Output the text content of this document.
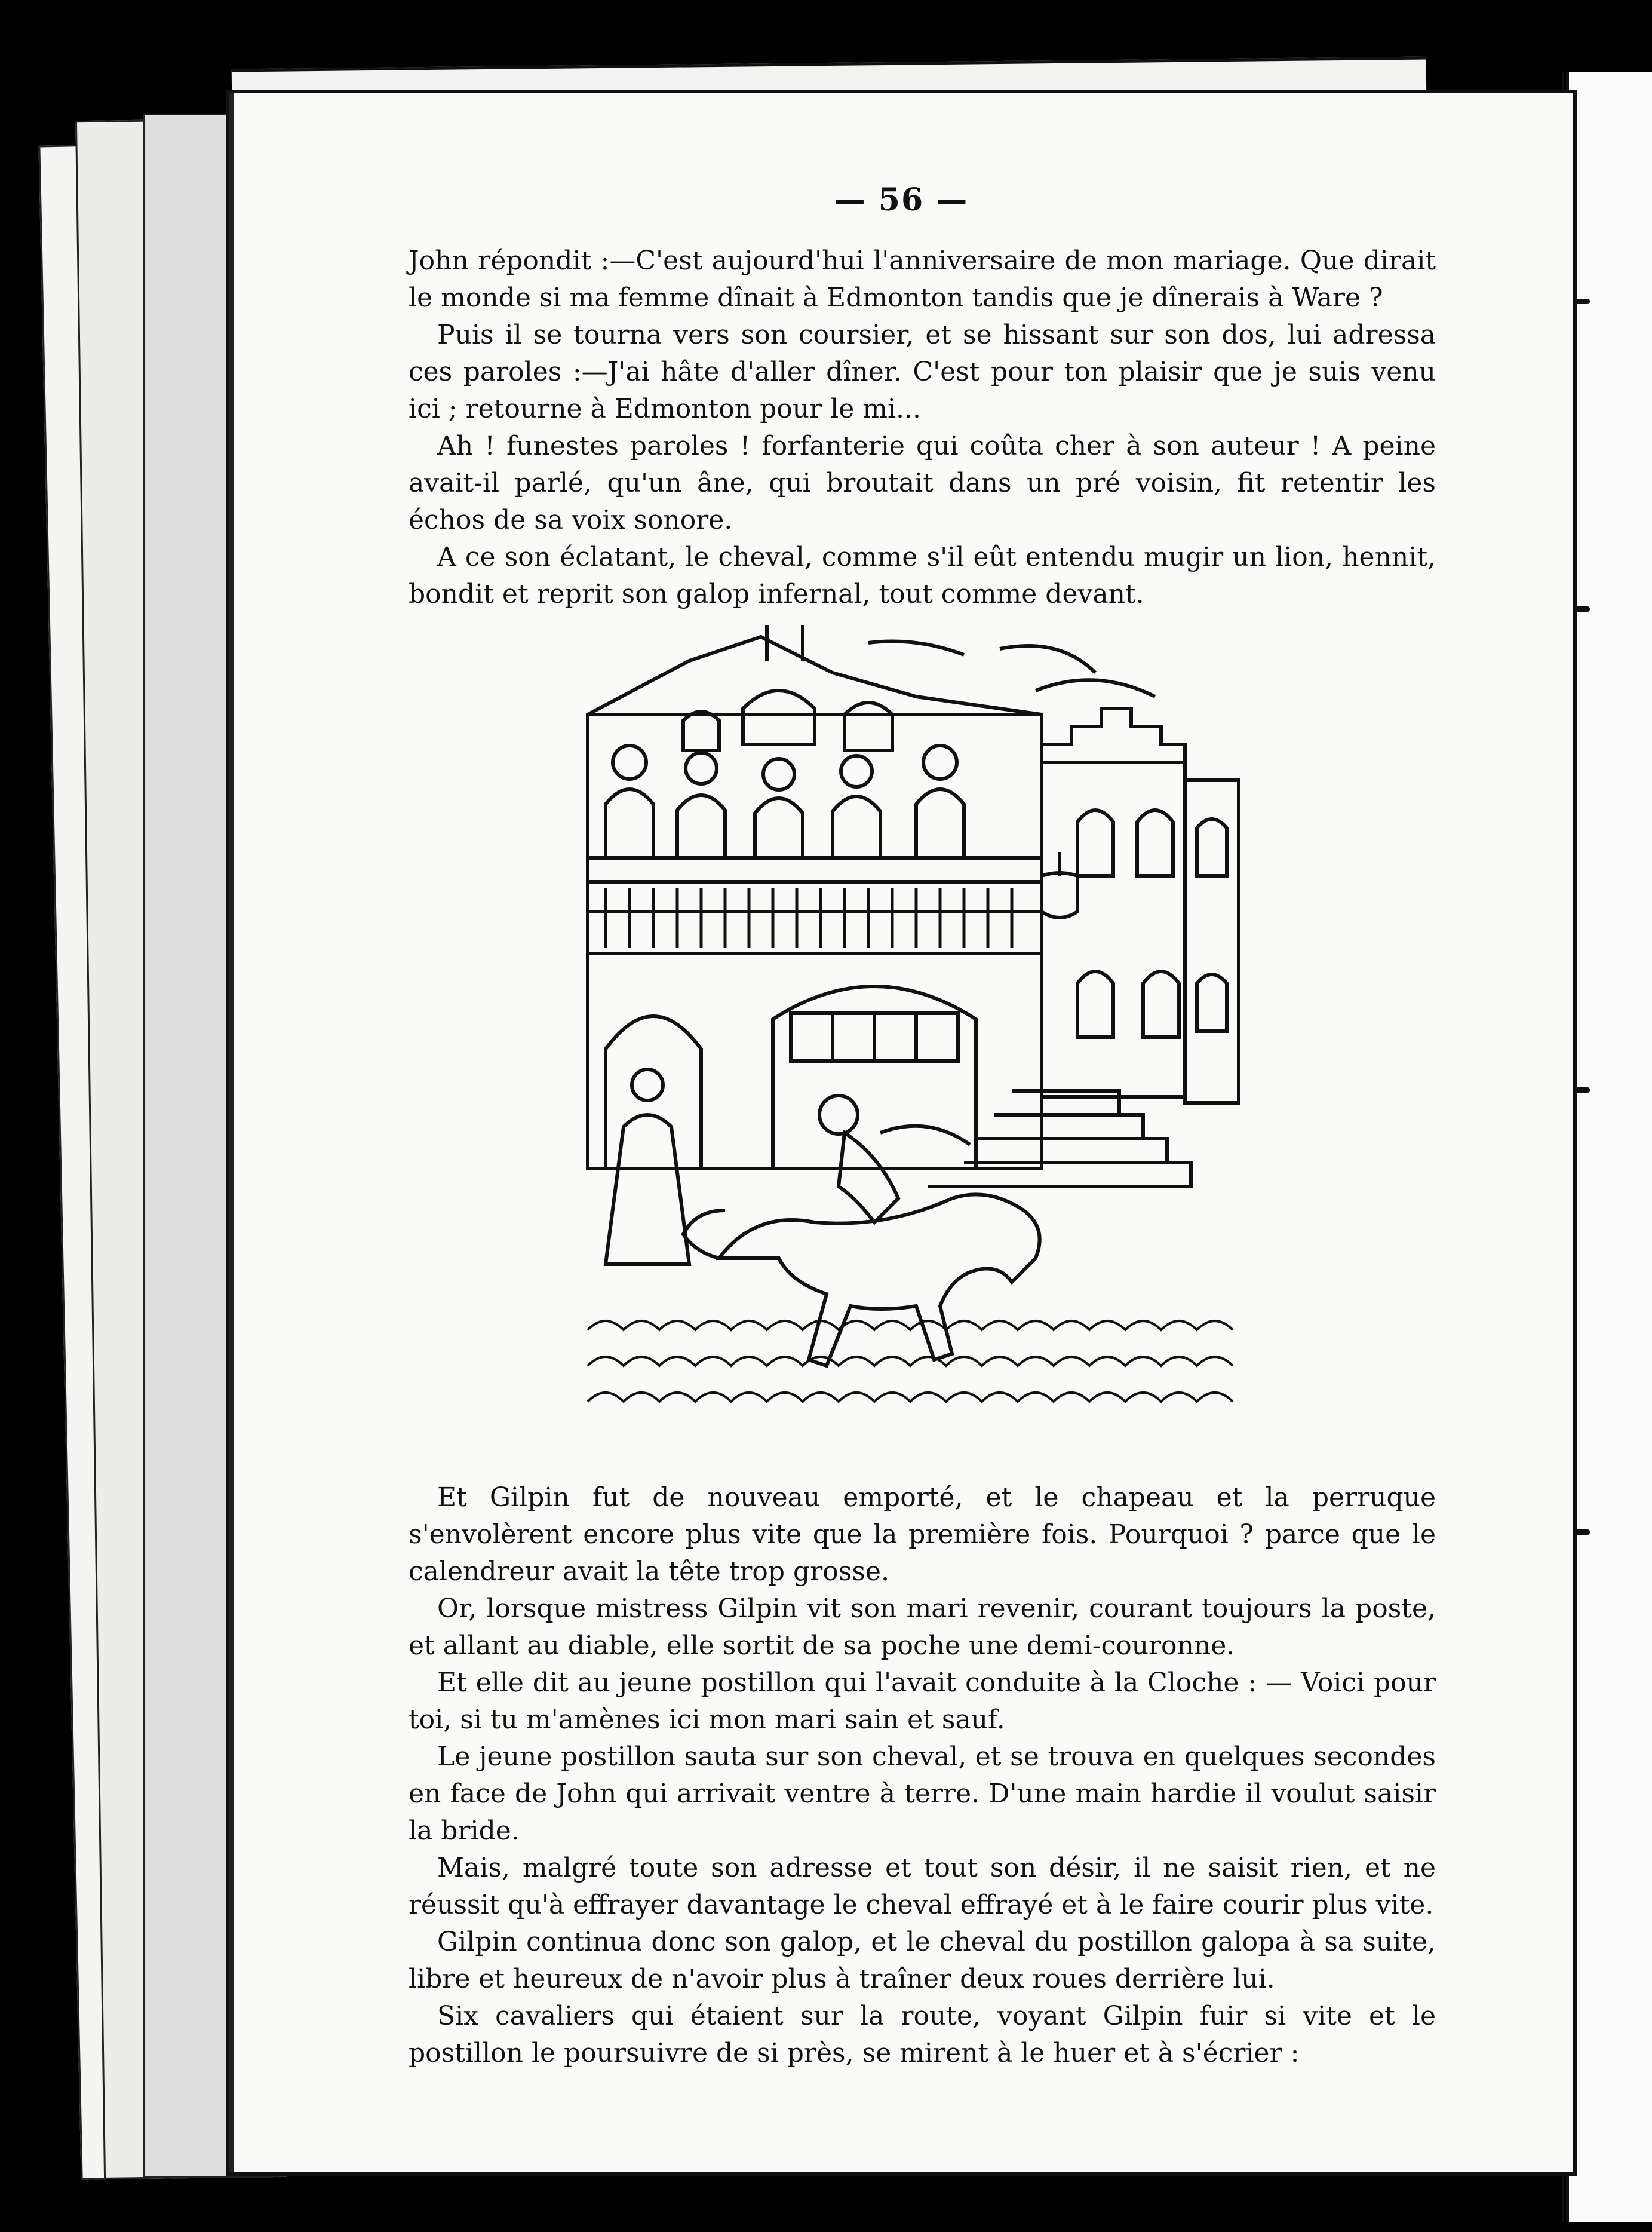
— 56 —

John répondit :—C'est aujourd'hui l'anniversaire de mon mariage. Que dirait le monde si ma femme dînait à Edmonton tandis que je dînerais à Ware ?

Puis il se tourna vers son coursier, et se hissant sur son dos, lui adressa ces paroles :—J'ai hâte d'aller dîner. C'est pour ton plaisir que je suis venu ici ; retourne à Edmonton pour le mi...

Ah ! funestes paroles ! forfanterie qui coûta cher à son auteur ! A peine avait-il parlé, qu'un âne, qui broutait dans un pré voisin, fit retentir les échos de sa voix sonore.

A ce son éclatant, le cheval, comme s'il eût entendu mugir un lion, hennit, bondit et reprit son galop infernal, tout comme devant.

Et Gilpin fut de nouveau emporté, et le chapeau et la perruque s'envolèrent encore plus vite que la première fois. Pourquoi ? parce que le calendreur avait la tête trop grosse.

Or, lorsque mistress Gilpin vit son mari revenir, courant toujours la poste, et allant au diable, elle sortit de sa poche une demi-couronne.

Et elle dit au jeune postillon qui l'avait conduite à la Cloche : — Voici pour toi, si tu m'amènes ici mon mari sain et sauf.

Le jeune postillon sauta sur son cheval, et se trouva en quelques secondes en face de John qui arrivait ventre à terre. D'une main hardie il voulut saisir la bride.

Mais, malgré toute son adresse et tout son désir, il ne saisit rien, et ne réussit qu'à effrayer davantage le cheval effrayé et à le faire courir plus vite.

Gilpin continua donc son galop, et le cheval du postillon galopa à sa suite, libre et heureux de n'avoir plus à traîner deux roues derrière lui.

Six cavaliers qui étaient sur la route, voyant Gilpin fuir si vite et le postillon le poursuivre de si près, se mirent à le huer et à s'écrier :
